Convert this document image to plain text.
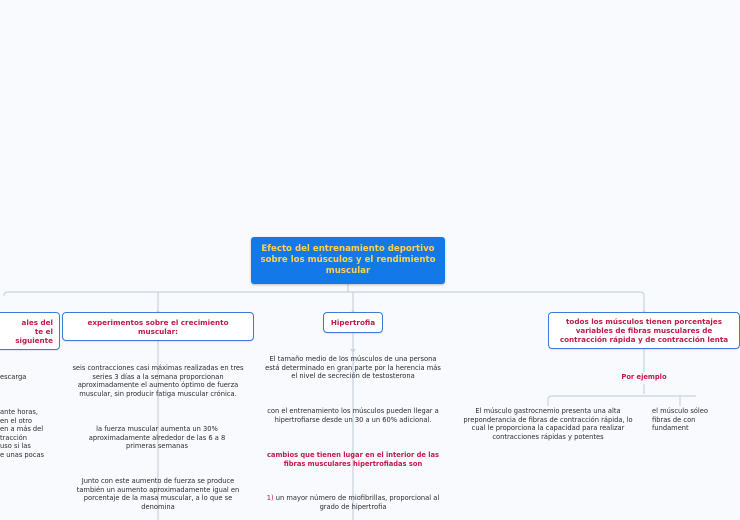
Efecto del entrenamiento deportivo sobre los músculos y el rendimiento muscular
ales del
te el
siguiente
escarga
ante horas,
en el otro
en a más del
tracción
uso si las
e unas pocas
experimentos sobre el crecimiento muscular:
seis contracciones casi máximas realizadas en tres series 3 días a la semana proporcionan aproximadamente el aumento óptimo de fuerza muscular, sin producir fatiga muscular crónica.
la fuerza muscular aumenta un 30% aproximadamente alrededor de las 6 a 8 primeras semanas
Junto con este aumento de fuerza se produce también un aumento aproximadamente igual en porcentaje de la masa muscular, a lo que se denomina
Hipertrofia
El tamaño medio de los músculos de una persona está determinado en gran parte por la herencia más el nivel de secreción de testosterona
con el entrenamiento los músculos pueden llegar a hipertrofiarse desde un 30 a un 60% adicional.
cambios que tienen lugar en el interior de las fibras musculares hipertrofiadas son
1) un mayor número de miofibrillas, proporcional al grado de hipertrofia
todos los músculos tienen porcentajes variables de fibras musculares de contracción rápida y de contracción lenta
Por ejemplo
El músculo gastrocnemio presenta una alta preponderancia de fibras de contracción rápida, lo cual le proporciona la capacidad para realizar contracciones rápidas y potentes
el músculo sóleo
fibras de con
fundament
